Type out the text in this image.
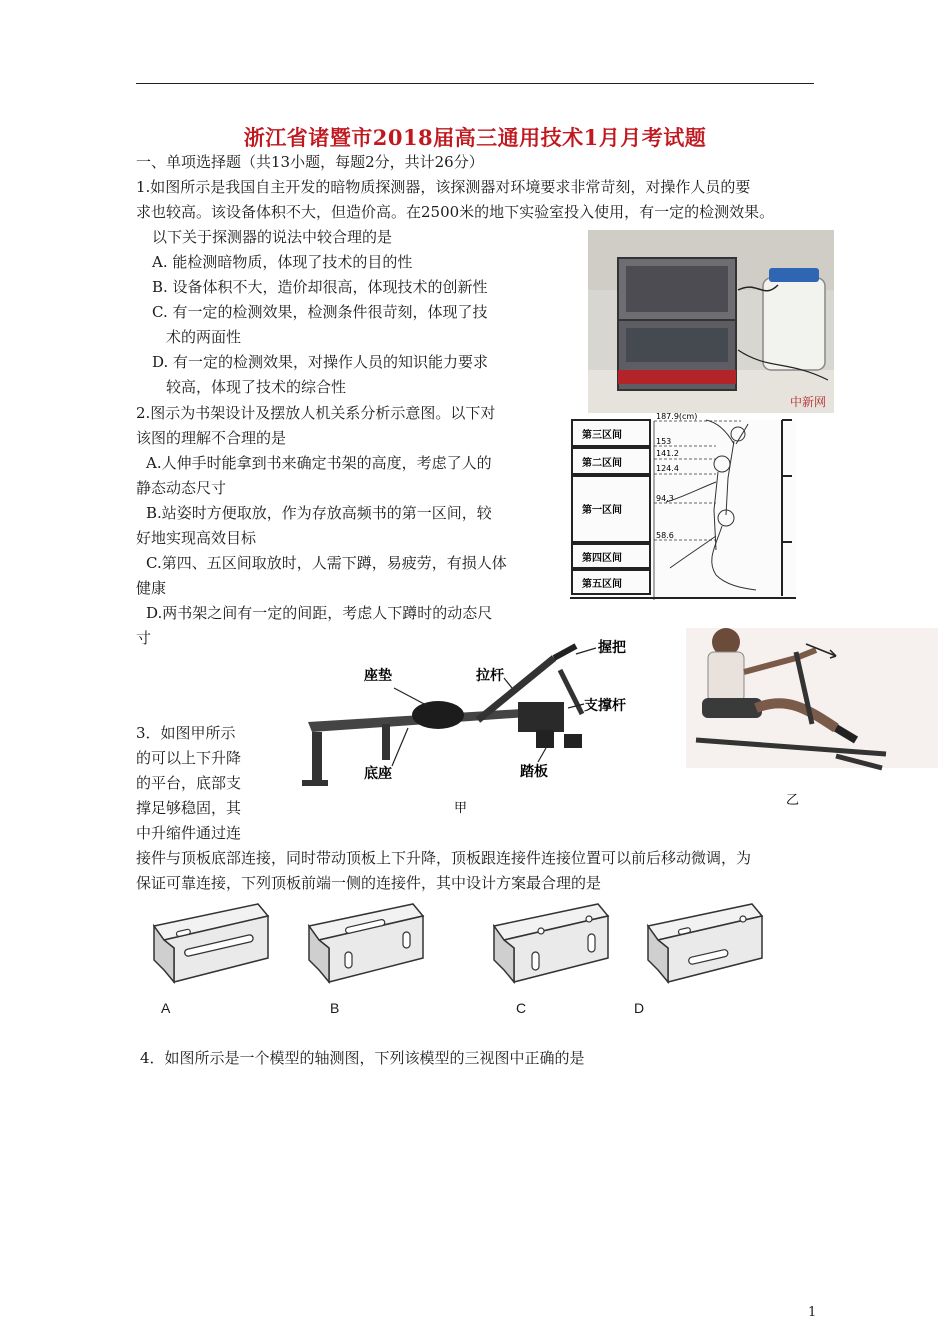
浙江省诸暨市2018届高三通用技术1月月考试题
一、单项选择题（共13小题，每题2分，共计26分）
1.如图所示是我国自主开发的暗物质探测器，该探测器对环境要求非常苛刻，对操作人员的要
求也较高。该设备体积不大，但造价高。在2500米的地下实验室投入使用，有一定的检测效果。
以下关于探测器的说法中较合理的是
A. 能检测暗物质，体现了技术的目的性
B. 设备体积不大，造价却很高，体现技术的创新性
C. 有一定的检测效果，检测条件很苛刻，体现了技
术的两面性
D. 有一定的检测效果，对操作人员的知识能力要求
较高，体现了技术的综合性
中新网
2.图示为书架设计及摆放人机关系分析示意图。以下对
该图的理解不合理的是
A.人伸手时能拿到书来确定书架的高度，考虑了人的
静态动态尺寸
B.站姿时方便取放，作为存放高频书的第一区间，较
好地实现高效目标
C.第四、五区间取放时，人需下蹲，易疲劳，有损人体
健康
D.两书架之间有一定的间距，考虑人下蹲时的动态尺
寸
第三区间
第二区间
第一区间
第四区间
第五区间
187.9(cm)
153
141.2
124.4
94.3
58.6
3．如图甲所示
的可以上下升降
的平台，底部支
撑足够稳固，其
中升缩件通过连
接件与顶板底部连接，同时带动顶板上下升降，顶板跟连接件连接位置可以前后移动微调，为
保证可靠连接，下列顶板前端一侧的连接件，其中设计方案最合理的是
座垫	拉杆
握把
支撑杆
底座	踏板
甲
乙
A	B	C	D
4．如图所示是一个模型的轴测图，下列该模型的三视图中正确的是
1
